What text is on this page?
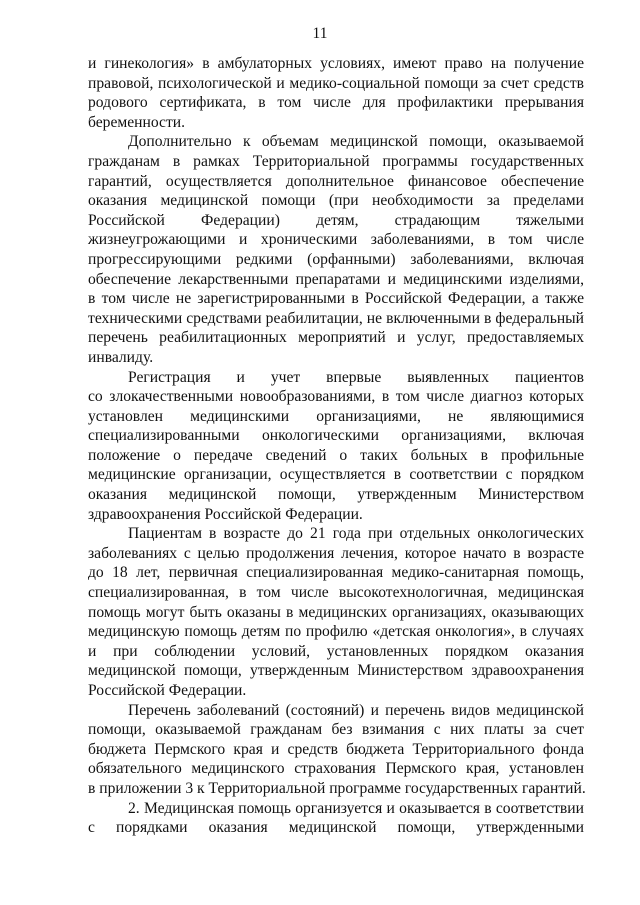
11
и гинекология» в амбулаторных условиях, имеют право на получение
правовой, психологической и медико-социальной помощи за счет средств
родового сертификата, в том числе для профилактики прерывания
беременности.
Дополнительно к объемам медицинской помощи, оказываемой
гражданам в рамках Территориальной программы государственных
гарантий, осуществляется дополнительное финансовое обеспечение
оказания медицинской помощи (при необходимости за пределами
Российской Федерации) детям, страдающим тяжелыми
жизнеугрожающими и хроническими заболеваниями, в том числе
прогрессирующими редкими (орфанными) заболеваниями, включая
обеспечение лекарственными препаратами и медицинскими изделиями,
в том числе не зарегистрированными в Российской Федерации, а также
техническими средствами реабилитации, не включенными в федеральный
перечень реабилитационных мероприятий и услуг, предоставляемых
инвалиду.
Регистрация и учет впервые выявленных пациентов
со злокачественными новообразованиями, в том числе диагноз которых
установлен медицинскими организациями, не являющимися
специализированными онкологическими организациями, включая
положение о передаче сведений о таких больных в профильные
медицинские организации, осуществляется в соответствии с порядком
оказания медицинской помощи, утвержденным Министерством
здравоохранения Российской Федерации.
Пациентам в возрасте до 21 года при отдельных онкологических
заболеваниях с целью продолжения лечения, которое начато в возрасте
до 18 лет, первичная специализированная медико-санитарная помощь,
специализированная, в том числе высокотехнологичная, медицинская
помощь могут быть оказаны в медицинских организациях, оказывающих
медицинскую помощь детям по профилю «детская онкология», в случаях
и при соблюдении условий, установленных порядком оказания
медицинской помощи, утвержденным Министерством здравоохранения
Российской Федерации.
Перечень заболеваний (состояний) и перечень видов медицинской
помощи, оказываемой гражданам без взимания с них платы за счет
бюджета Пермского края и средств бюджета Территориального фонда
обязательного медицинского страхования Пермского края, установлен
в приложении 3 к Территориальной программе государственных гарантий.
2. Медицинская помощь организуется и оказывается в соответствии
с порядками оказания медицинской помощи, утвержденными
